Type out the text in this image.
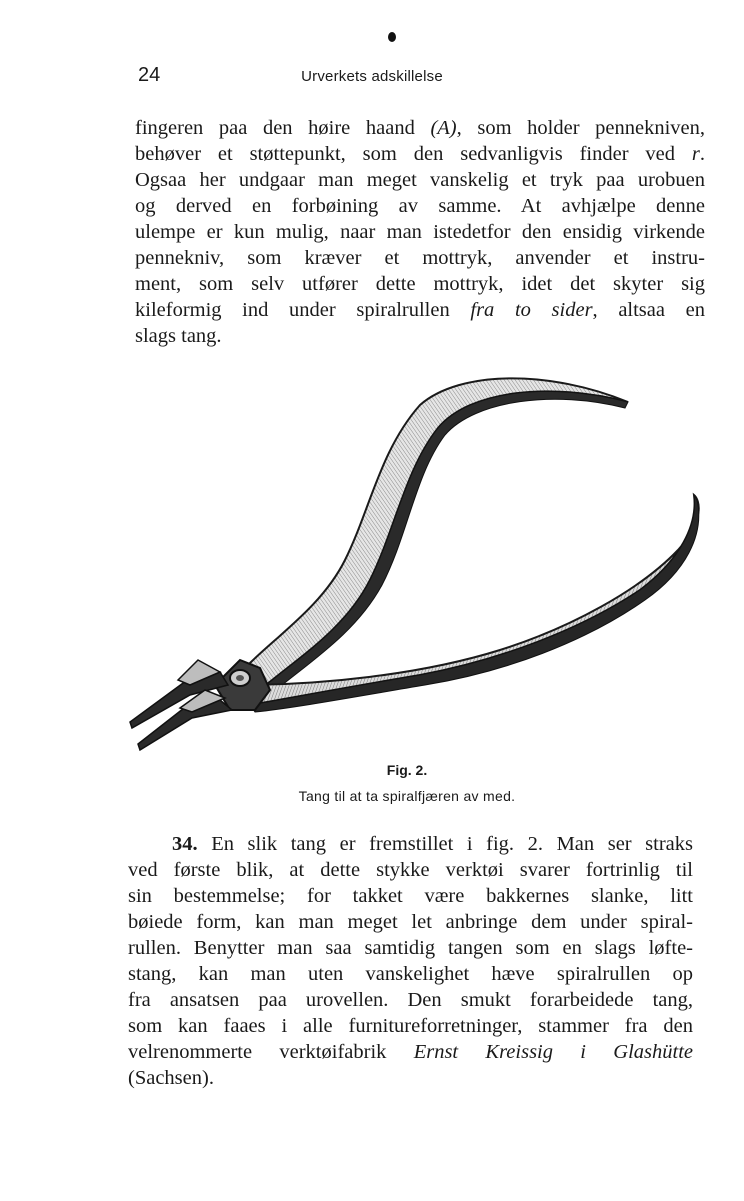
24	Urverkets adskillelse
fingeren paa den høire haand (A), som holder pennekniven,
behøver et støttepunkt, som den sedvanligvis finder ved r.
Ogsaa her undgaar man meget vanskelig et tryk paa urobuen
og derved en forbøining av samme. At avhjælpe denne
ulempe er kun mulig, naar man istedetfor den ensidig virkende
pennekniv, som kræver et mottryk, anvender et instru-
ment, som selv utfører dette mottryk, idet det skyter sig
kileformig ind under spiralrullen fra to sider, altsaa en
slags tang.
Fig. 2.
Tang til at ta spiralfjæren av med.
34. En slik tang er fremstillet i fig. 2. Man ser straks
ved første blik, at dette stykke verktøi svarer fortrinlig til
sin bestemmelse; for takket være bakkernes slanke, litt
bøiede form, kan man meget let anbringe dem under spiral-
rullen. Benytter man saa samtidig tangen som en slags løfte-
stang, kan man uten vanskelighet hæve spiralrullen op
fra ansatsen paa urovellen. Den smukt forarbeidede tang,
som kan faaes i alle furnitureforretninger, stammer fra den
velrenommerte verktøifabrik Ernst Kreissig i Glashütte
(Sachsen).
